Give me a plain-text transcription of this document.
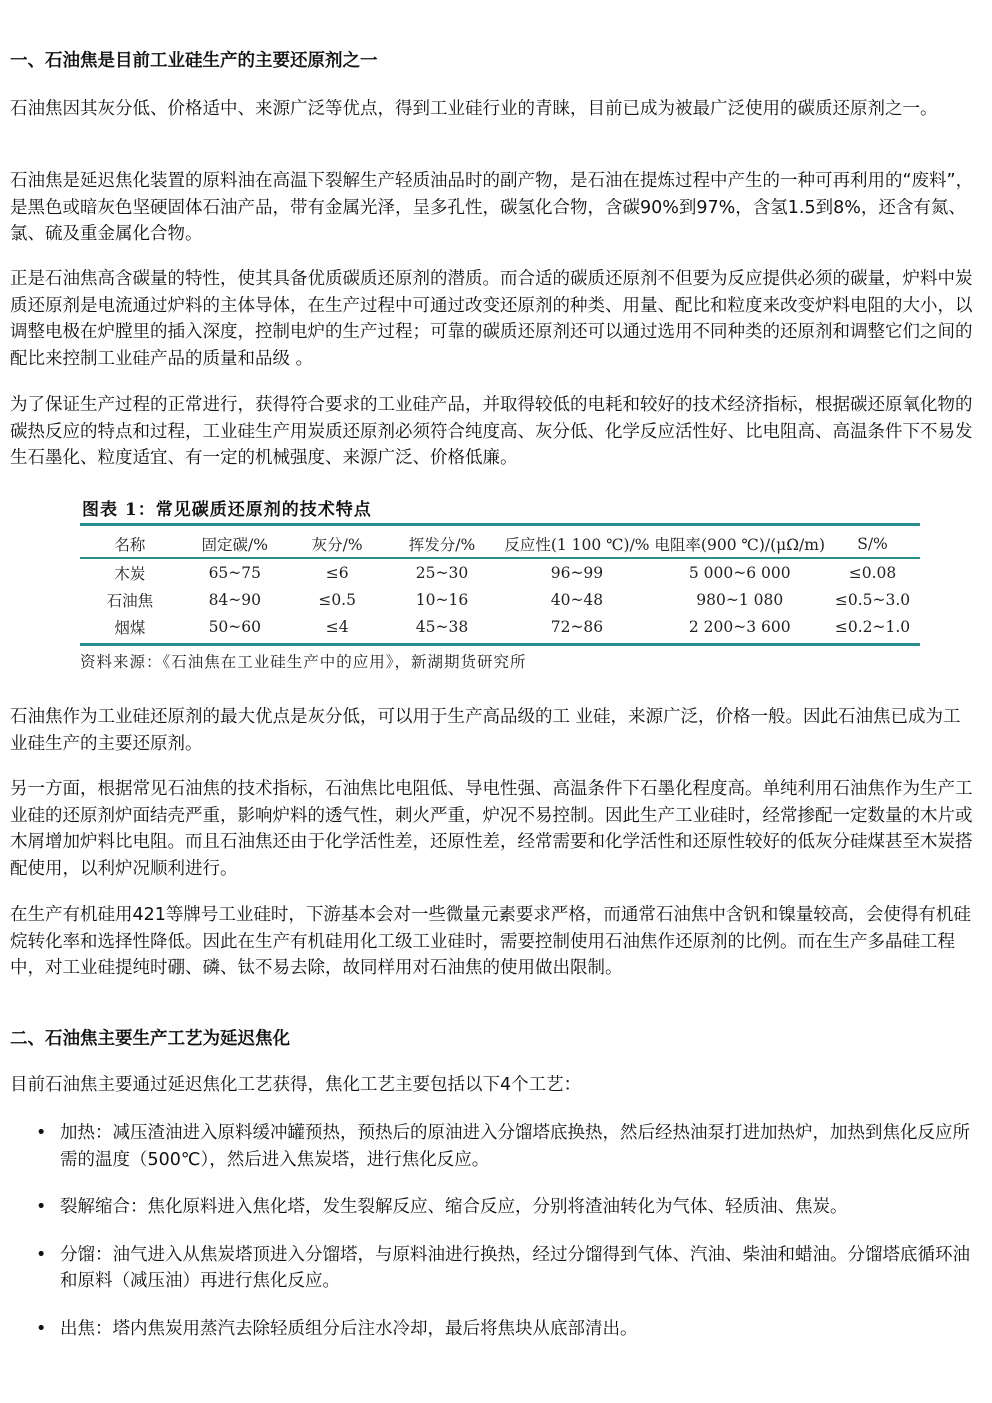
一、石油焦是目前工业硅生产的主要还原剂之一

石油焦因其灰分低、价格适中、来源广泛等优点，得到工业硅行业的青睐，目前已成为被最广泛使用的碳质还原剂之一。

石油焦是延迟焦化装置的原料油在高温下裂解生产轻质油品时的副产物，是石油在提炼过程中产生的一种可再利用的“废料”，是黑色或暗灰色坚硬固体石油产品，带有金属光泽，呈多孔性，碳氢化合物，含碳90%到97%，含氢1.5到8%，还含有氮、氯、硫及重金属化合物。

正是石油焦高含碳量的特性，使其具备优质碳质还原剂的潜质。而合适的碳质还原剂不但要为反应提供必须的碳量，炉料中炭质还原剂是电流通过炉料的主体导体，在生产过程中可通过改变还原剂的种类、用量、配比和粒度来改变炉料电阻的大小，以调整电极在炉膛里的插入深度，控制电炉的生产过程；可靠的碳质还原剂还可以通过选用不同种类的还原剂和调整它们之间的配比来控制工业硅产品的质量和品级 。

为了保证生产过程的正常进行，获得符合要求的工业硅产品，并取得较低的电耗和较好的技术经济指标，根据碳还原氧化物的碳热反应的特点和过程，工业硅生产用炭质还原剂必须符合纯度高、灰分低、化学反应活性好、比电阻高、高温条件下不易发生石墨化、粒度适宜、有一定的机械强度、来源广泛、价格低廉。

图表 1：常见碳质还原剂的技术特点
名称	固定碳/%	灰分/%	挥发分/%	反应性(1 100 ℃)/%	电阻率(900 ℃)/(μΩ/m)	S/%
木炭	65~75	≤6	25~30	96~99	5 000~6 000	≤0.08
石油焦	84~90	≤0.5	10~16	40~48	980~1 080	≤0.5~3.0
烟煤	50~60	≤4	45~38	72~86	2 200~3 600	≤0.2~1.0
资料来源：《石油焦在工业硅生产中的应用》，新湖期货研究所

石油焦作为工业硅还原剂的最大优点是灰分低，可以用于生产高品级的工 业硅，来源广泛，价格一般。因此石油焦已成为工业硅生产的主要还原剂。

另一方面，根据常见石油焦的技术指标，石油焦比电阻低、导电性强、高温条件下石墨化程度高。单纯利用石油焦作为生产工业硅的还原剂炉面结壳严重，影响炉料的透气性，刺火严重，炉况不易控制。因此生产工业硅时，经常掺配一定数量的木片或木屑增加炉料比电阻。而且石油焦还由于化学活性差，还原性差，经常需要和化学活性和还原性较好的低灰分硅煤甚至木炭搭配使用，以利炉况顺利进行。

在生产有机硅用421等牌号工业硅时，下游基本会对一些微量元素要求严格，而通常石油焦中含钒和镍量较高，会使得有机硅烷转化率和选择性降低。因此在生产有机硅用化工级工业硅时，需要控制使用石油焦作还原剂的比例。而在生产多晶硅工程中，对工业硅提纯时硼、磷、钛不易去除，故同样用对石油焦的使用做出限制。

二、石油焦主要生产工艺为延迟焦化

目前石油焦主要通过延迟焦化工艺获得，焦化工艺主要包括以下4个工艺：

• 加热：减压渣油进入原料缓冲罐预热，预热后的原油进入分馏塔底换热，然后经热油泵打进加热炉，加热到焦化反应所需的温度（500℃），然后进入焦炭塔，进行焦化反应。
• 裂解缩合：焦化原料进入焦化塔，发生裂解反应、缩合反应，分别将渣油转化为气体、轻质油、焦炭。
• 分馏：油气进入从焦炭塔顶进入分馏塔，与原料油进行换热，经过分馏得到气体、汽油、柴油和蜡油。分馏塔底循环油和原料（减压油）再进行焦化反应。
• 出焦：塔内焦炭用蒸汽去除轻质组分后注水冷却，最后将焦块从底部清出。
